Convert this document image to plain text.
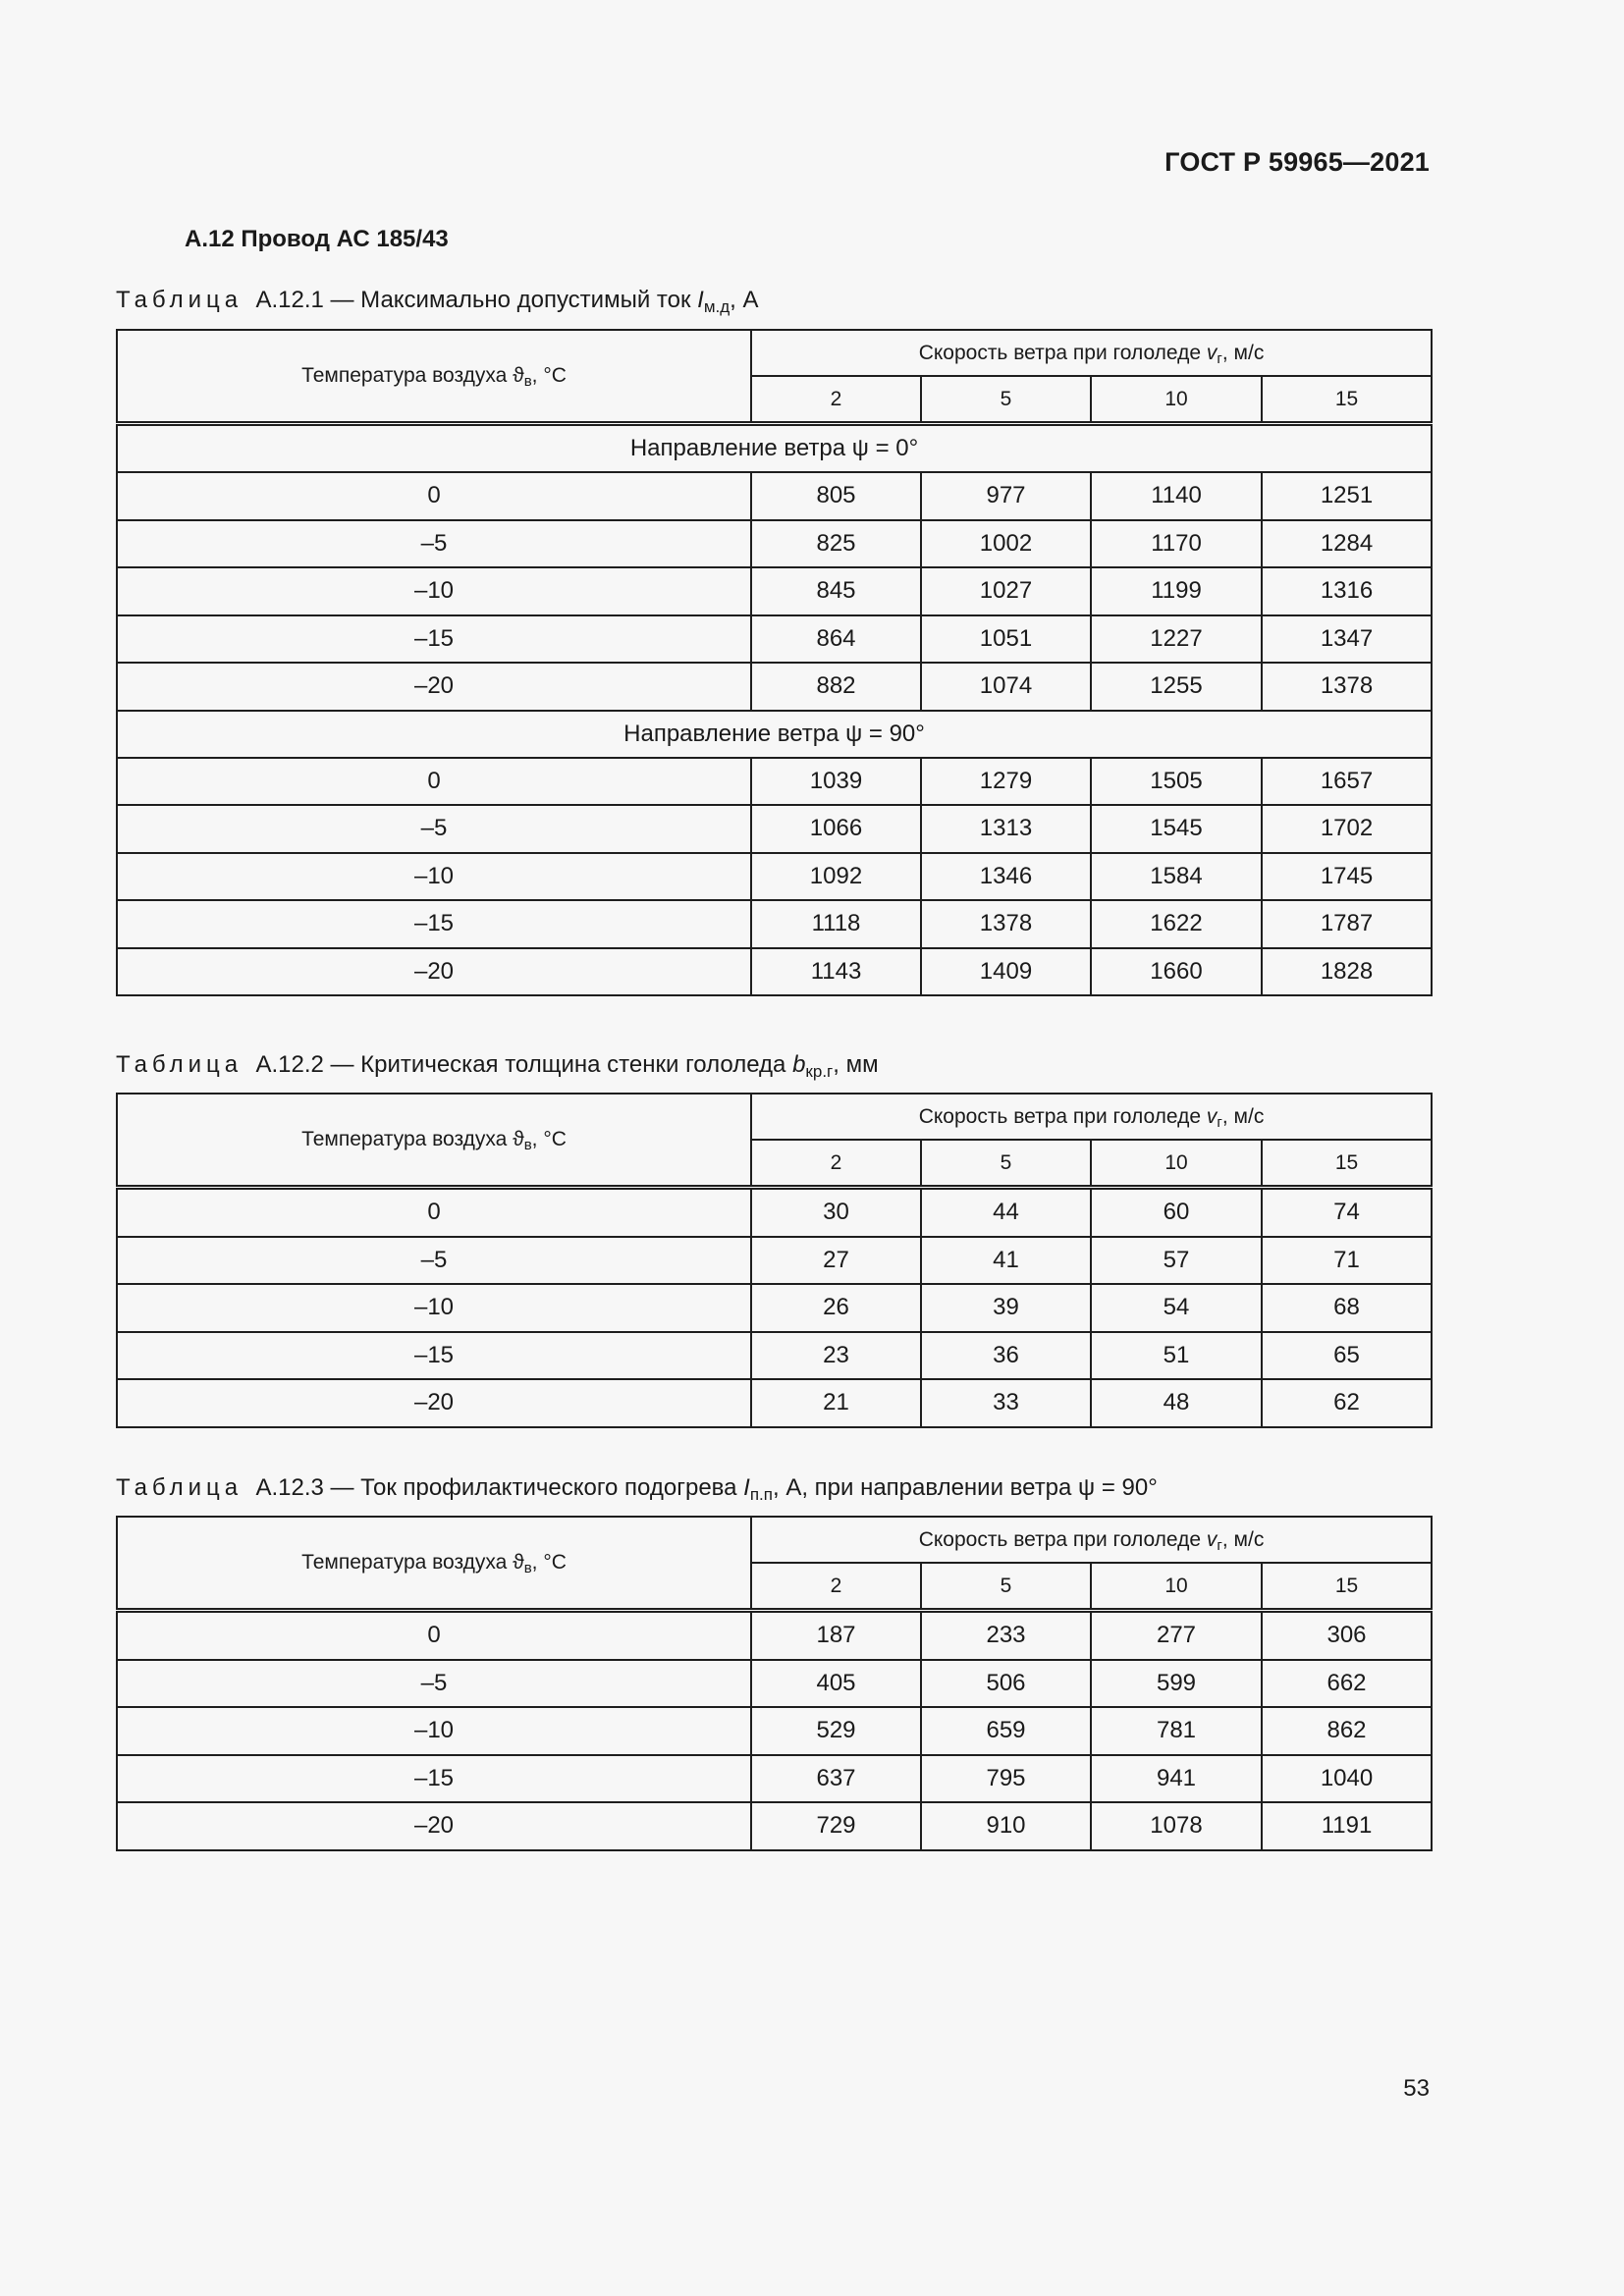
ГОСТ Р 59965—2021
А.12 Провод АС 185/43
Таблица А.12.1 — Максимально допустимый ток $I_{м.д}$, А
Температура воздуха $ϑ_в$, °С	Скорость ветра при гололеде $v_г$, м/с			
	2	5	10	15
Направление ветра ψ = 0°				
0	805	977	1140	1251
–5	825	1002	1170	1284
–10	845	1027	1199	1316
–15	864	1051	1227	1347
–20	882	1074	1255	1378
Направление ветра ψ = 90°				
0	1039	1279	1505	1657
–5	1066	1313	1545	1702
–10	1092	1346	1584	1745
–15	1118	1378	1622	1787
–20	1143	1409	1660	1828
Таблица А.12.2 — Критическая толщина стенки гололеда $b_{кр.г}$, мм
Температура воздуха $ϑ_в$, °С	Скорость ветра при гололеде $v_г$, м/с			
	2	5	10	15
0	30	44	60	74
–5	27	41	57	71
–10	26	39	54	68
–15	23	36	51	65
–20	21	33	48	62
Таблица А.12.3 — Ток профилактического подогрева $I_{п.п}$, А, при направлении ветра ψ = 90°
Температура воздуха $ϑ_в$, °С	Скорость ветра при гололеде $v_г$, м/с			
	2	5	10	15
0	187	233	277	306
–5	405	506	599	662
–10	529	659	781	862
–15	637	795	941	1040
–20	729	910	1078	1191
53
